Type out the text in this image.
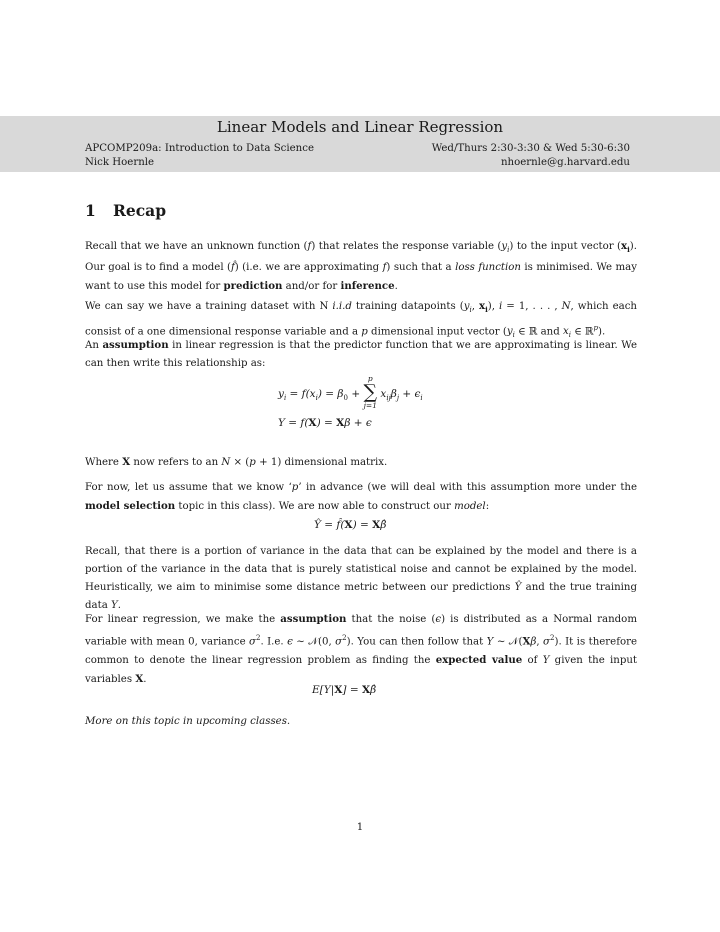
Linear Models and Linear Regression
APCOMP209a: Introduction to Data Science
Nick Hoernle
Wed/Thurs 2:30-3:30 & Wed 5:30-6:30
nhoernle@g.harvard.edu
1 Recap
Recall that we have an unknown function (f) that relates the response variable $(y_i)$ to the input vector $(x_i)$. Our goal is to find a model (f̂) (i.e. we are approximating f) such that a loss function is minimised. We may want to use this model for prediction and/or for inference.
We can say we have a training dataset with N i.i.d training datapoints ($y_i$, $x_i$), i = 1, . . . , N, which each consist of a one dimensional response variable and a p dimensional input vector ($y_i$ ∈ ℝ and $x_i$ ∈ ℝ$^p$).
An assumption in linear regression is that the predictor function that we are approximating is linear. We can then write this relationship as:
$y_i = f(x_i) = \beta_0$ +
p
∑
j=1
$x_{ij}\beta_j + \epsilon_i$
Y = f(X) = Xβ + ϵ
Where X now refers to an N × (p + 1) dimensional matrix.
For now, let us assume that we know ‘p’ in advance (we will deal with this assumption more under the model selection topic in this class). We are now able to construct our model:
Ŷ = f̂(X) = Xβ̂
Recall, that there is a portion of variance in the data that can be explained by the model and there is a portion of the variance in the data that is purely statistical noise and cannot be explained by the model. Heuristically, we aim to minimise some distance metric between our predictions Ŷ and the true training data Y.
For linear regression, we make the assumption that the noise (ϵ) is distributed as a Normal random variable with mean 0, variance $\sigma^2$. I.e. ϵ ∼ 𝒩(0, $\sigma^2$). You can then follow that Y ∼ 𝒩(Xβ, $\sigma^2$). It is therefore common to denote the linear regression problem as finding the expected value of Y given the input variables X.
E[Y|X] = Xβ̂
More on this topic in upcoming classes.
1
